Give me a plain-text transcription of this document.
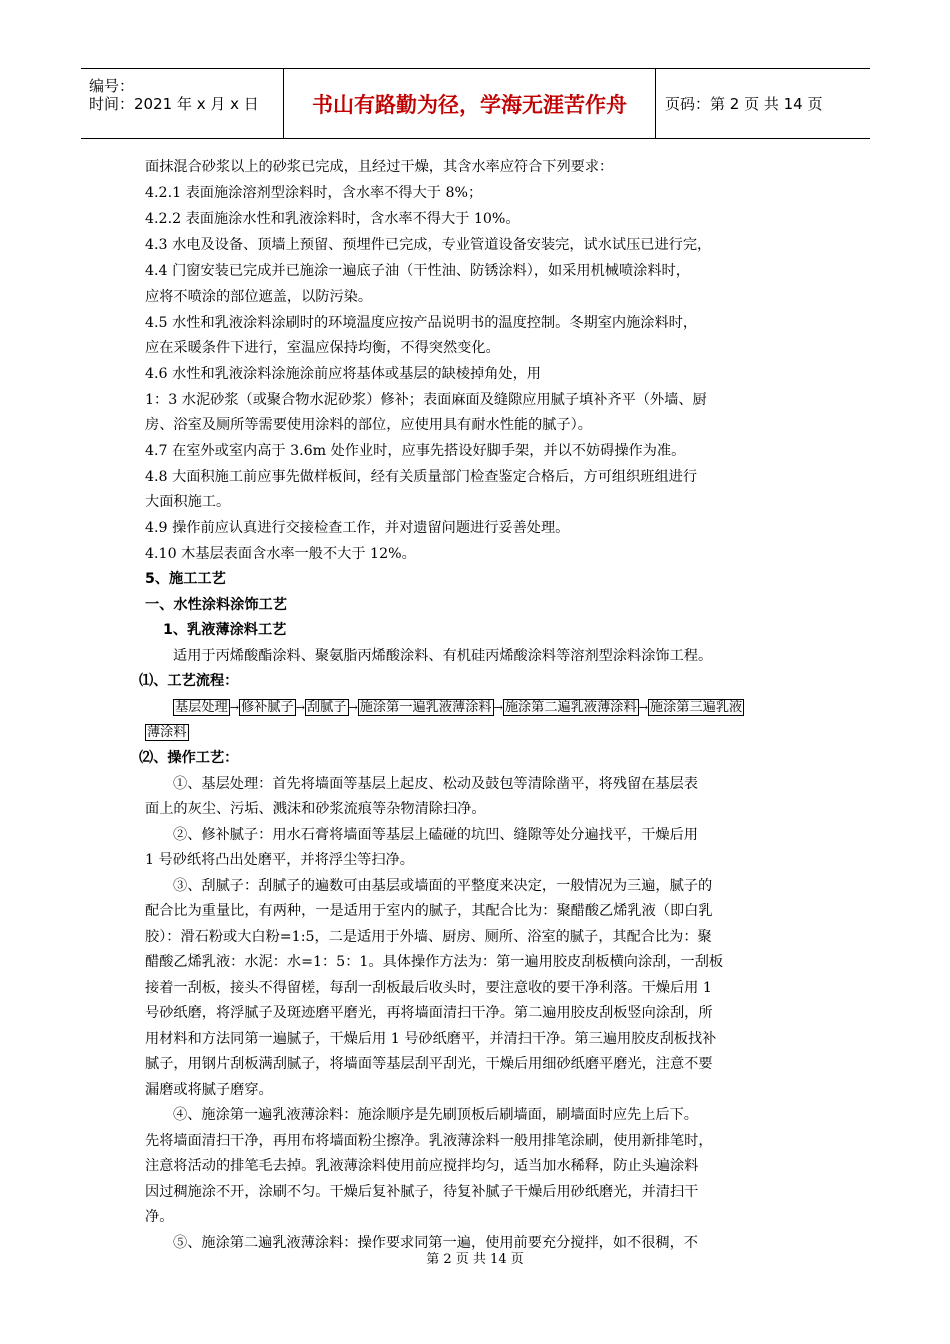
编号：
时间：2021 年 x 月 x 日	书山有路勤为径，学海无涯苦作舟	页码：第 2 页 共 14 页
面抹混合砂浆以上的砂浆已完成，且经过干燥，其含水率应符合下列要求：
4.2.1 表面施涂溶剂型涂料时，含水率不得大于 8%；
4.2.2 表面施涂水性和乳液涂料时，含水率不得大于 10%。
4.3 水电及设备、顶墙上预留、预埋件已完成，专业管道设备安装完，试水试压已进行完，
4.4 门窗安装已完成并已施涂一遍底子油（干性油、防锈涂料），如采用机械喷涂料时，
应将不喷涂的部位遮盖，以防污染。
4.5 水性和乳液涂料涂刷时的环境温度应按产品说明书的温度控制。冬期室内施涂料时，
应在采暖条件下进行，室温应保持均衡，不得突然变化。
4.6 水性和乳液涂料涂施涂前应将基体或基层的缺棱掉角处，用
1：3 水泥砂浆（或聚合物水泥砂浆）修补；表面麻面及缝隙应用腻子填补齐平（外墙、厨
房、浴室及厕所等需要使用涂料的部位，应使用具有耐水性能的腻子）。
4.7 在室外或室内高于 3.6m 处作业时，应事先搭设好脚手架，并以不妨碍操作为准。
4.8 大面积施工前应事先做样板间，经有关质量部门检查鉴定合格后，方可组织班组进行
大面积施工。
4.9 操作前应认真进行交接检查工作，并对遗留问题进行妥善处理。
4.10 木基层表面含水率一般不大于 12%。
5、施工工艺
一、水性涂料涂饰工艺
1、乳液薄涂料工艺
适用于丙烯酸酯涂料、聚氨脂丙烯酸涂料、有机硅丙烯酸涂料等溶剂型涂料涂饰工程。
⑴、工艺流程：
基层处理 → 修补腻子 → 刮腻子 → 施涂第一遍乳液薄涂料 → 施涂第二遍乳液薄涂料 → 施涂第三遍乳液
薄涂料
⑵、操作工艺：
①、基层处理：首先将墙面等基层上起皮、松动及鼓包等清除凿平，将残留在基层表
面上的灰尘、污垢、溅沫和砂浆流痕等杂物清除扫净。
②、修补腻子：用水石膏将墙面等基层上磕碰的坑凹、缝隙等处分遍找平，干燥后用
1 号砂纸将凸出处磨平，并将浮尘等扫净。
③、刮腻子：刮腻子的遍数可由基层或墙面的平整度来决定，一般情况为三遍，腻子的
配合比为重量比，有两种，一是适用于室内的腻子，其配合比为：聚醋酸乙烯乳液（即白乳
胶）：滑石粉或大白粉=1:5，二是适用于外墙、厨房、厕所、浴室的腻子，其配合比为：聚
醋酸乙烯乳液：水泥：水=1：5：1。具体操作方法为：第一遍用胶皮刮板横向涂刮，一刮板
接着一刮板，接头不得留槎，每刮一刮板最后收头时，要注意收的要干净利落。干燥后用 1
号砂纸磨，将浮腻子及斑迹磨平磨光，再将墙面清扫干净。第二遍用胶皮刮板竖向涂刮，所
用材料和方法同第一遍腻子，干燥后用 1 号砂纸磨平，并清扫干净。第三遍用胶皮刮板找补
腻子，用钢片刮板满刮腻子，将墙面等基层刮平刮光，干燥后用细砂纸磨平磨光，注意不要
漏磨或将腻子磨穿。
④、施涂第一遍乳液薄涂料：施涂顺序是先刷顶板后刷墙面，刷墙面时应先上后下。
先将墙面清扫干净，再用布将墙面粉尘擦净。乳液薄涂料一般用排笔涂刷，使用新排笔时，
注意将活动的排笔毛去掉。乳液薄涂料使用前应搅拌均匀，适当加水稀释，防止头遍涂料
因过稠施涂不开，涂刷不匀。干燥后复补腻子，待复补腻子干燥后用砂纸磨光，并清扫干
净。
⑤、施涂第二遍乳液薄涂料：操作要求同第一遍，使用前要充分搅拌，如不很稠，不
第 2 页 共 14 页
